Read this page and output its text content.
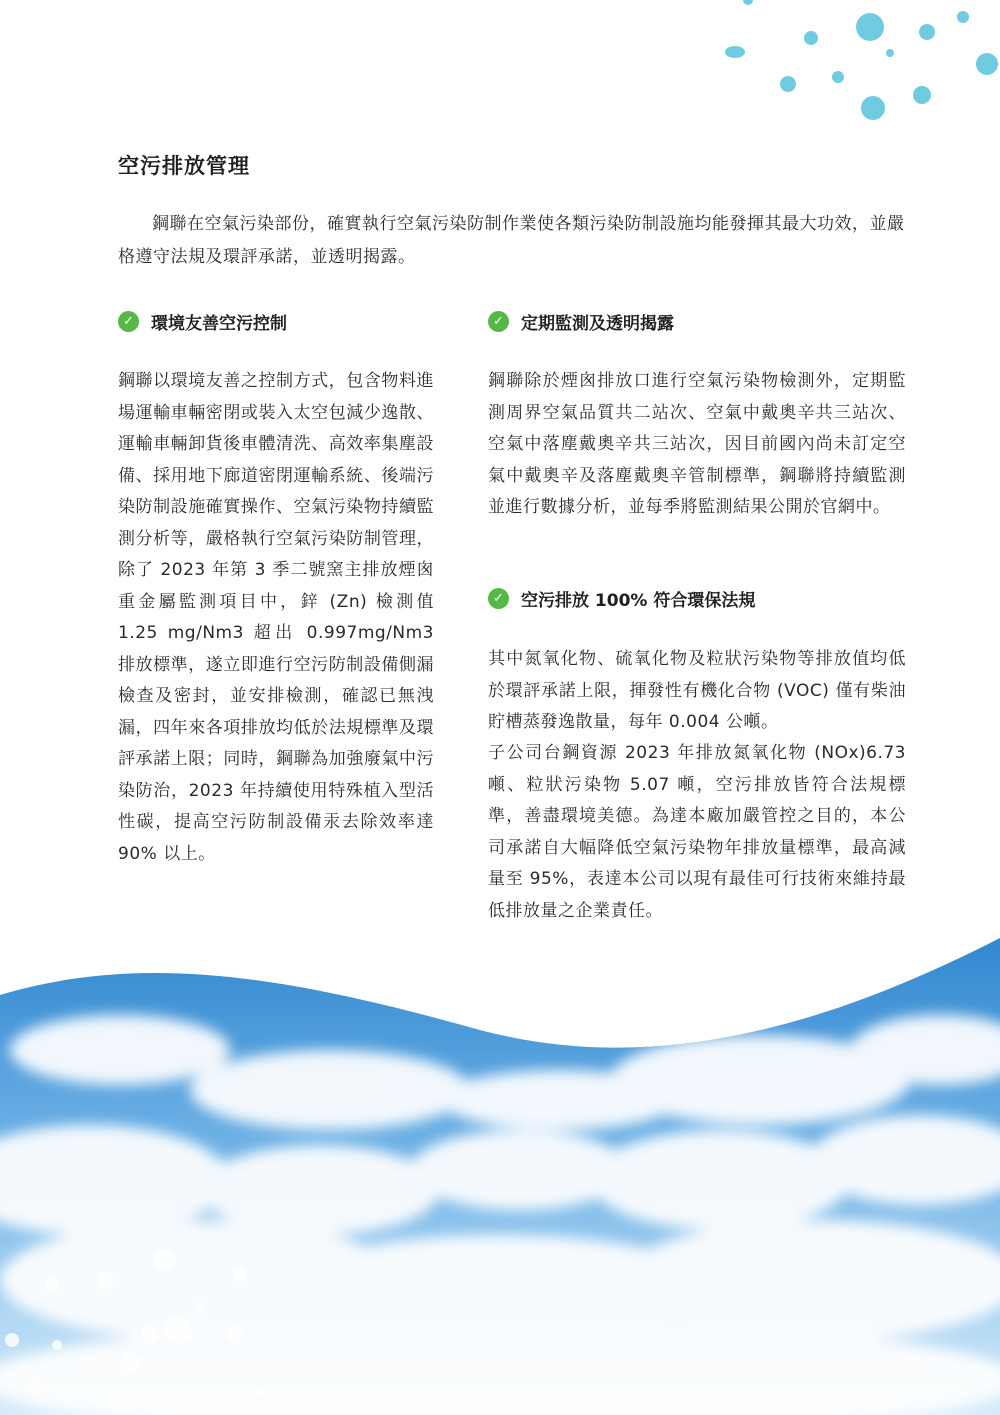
空污排放管理

鋼聯在空氣污染部份，確實執行空氣污染防制作業使各類污染防制設施均能發揮其最大功效，並嚴格遵守法規及環評承諾，並透明揭露。

✓ 環境友善空污控制

鋼聯以環境友善之控制方式，包含物料進場運輸車輛密閉或裝入太空包減少逸散、運輸車輛卸貨後車體清洗、高效率集塵設備、採用地下廊道密閉運輸系統、後端污染防制設施確實操作、空氣污染物持續監測分析等，嚴格執行空氣污染防制管理，除了 2023 年第 3 季二號窯主排放煙囪重金屬監測項目中，鋅 (Zn) 檢測值 1.25 mg/Nm3 超出 0.997mg/Nm3 排放標準，遂立即進行空污防制設備側漏檢查及密封，並安排檢測，確認已無洩漏，四年來各項排放均低於法規標準及環評承諾上限；同時，鋼聯為加強廢氣中污染防治，2023 年持續使用特殊植入型活性碳，提高空污防制設備汞去除效率達 90% 以上。

✓ 定期監測及透明揭露

鋼聯除於煙囪排放口進行空氣污染物檢測外，定期監測周界空氣品質共二站次、空氣中戴奧辛共三站次、空氣中落塵戴奧辛共三站次，因目前國內尚未訂定空氣中戴奧辛及落塵戴奧辛管制標準，鋼聯將持續監測並進行數據分析，並每季將監測結果公開於官網中。

✓ 空污排放 100% 符合環保法規

其中氮氧化物、硫氧化物及粒狀污染物等排放值均低於環評承諾上限，揮發性有機化合物 (VOC) 僅有柴油貯槽蒸發逸散量，每年 0.004 公噸。

子公司台鋼資源 2023 年排放氮氧化物 (NOx)6.73 噸、粒狀污染物 5.07 噸，空污排放皆符合法規標準，善盡環境美德。為達本廠加嚴管控之目的，本公司承諾自大幅降低空氣污染物年排放量標準，最高減量至 95%，表達本公司以現有最佳可行技術來維持最低排放量之企業責任。
